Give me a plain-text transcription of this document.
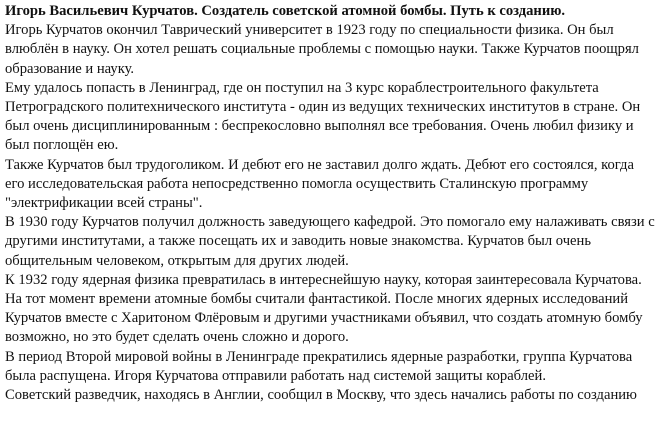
Игорь Васильевич Курчатов. Создатель советской атомной бомбы. Путь к созданию.

Игорь Курчатов окончил Таврический университет в 1923 году по специальности физика. Он был

влюблён в науку. Он хотел решать социальные проблемы с помощью науки. Также Курчатов поощрял

образование и науку.

Ему удалось попасть в Ленинград, где он поступил на 3 курс кораблестроительного факультета

Петроградского политехнического института - один из ведущих технических институтов в стране. Он

был очень дисциплинированным : беспрекословно выполнял все требования. Очень любил физику и

был поглощён ею.

Также Курчатов был трудоголиком. И дебют его не заставил долго ждать. Дебют его состоялся, когда

его исследовательская работа непосредственно помогла осуществить Сталинскую программу

"электрификации всей страны".

В 1930 году Курчатов получил должность заведующего кафедрой. Это помогало ему налаживать связи с

другими институтами, а также посещать их и заводить новые знакомства. Курчатов был очень

общительным человеком, открытым для других людей.

К 1932 году ядерная физика превратилась в интереснейшую науку, которая заинтересовала Курчатова.

На тот момент времени атомные бомбы считали фантастикой. После многих ядерных исследований

Курчатов вместе с Харитоном Флёровым и другими участниками объявил, что создать атомную бомбу

возможно, но это будет сделать очень сложно и дорого.

В период Второй мировой войны в Ленинграде прекратились ядерные разработки, группа Курчатова

была распущена. Игоря Курчатова отправили работать над системой защиты кораблей.

Советский разведчик, находясь в Англии, сообщил в Москву, что здесь начались работы по созданию
